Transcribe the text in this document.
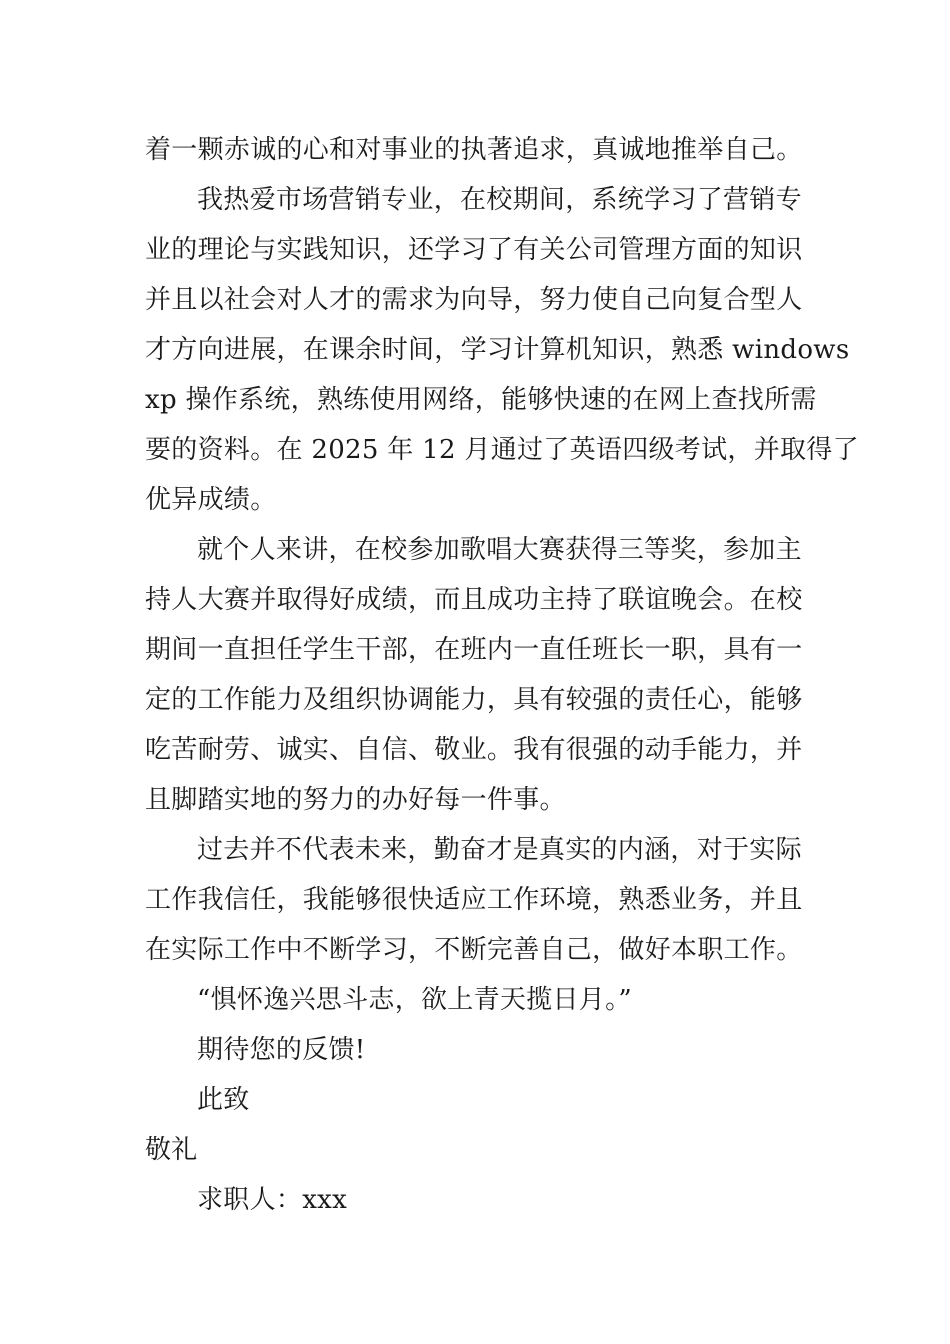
着一颗赤诚的心和对事业的执著追求，真诚地推举自己。
我热爱市场营销专业，在校期间，系统学习了营销专
业的理论与实践知识，还学习了有关公司管理方面的知识
并且以社会对人才的需求为向导，努力使自己向复合型人
才方向进展，在课余时间，学习计算机知识，熟悉 windows
xp 操作系统，熟练使用网络，能够快速的在网上查找所需
要的资料。在 2025 年 12 月通过了英语四级考试，并取得了
优异成绩。
就个人来讲，在校参加歌唱大赛获得三等奖，参加主
持人大赛并取得好成绩，而且成功主持了联谊晚会。在校
期间一直担任学生干部，在班内一直任班长一职，具有一
定的工作能力及组织协调能力，具有较强的责任心，能够
吃苦耐劳、诚实、自信、敬业。我有很强的动手能力，并
且脚踏实地的努力的办好每一件事。
过去并不代表未来，勤奋才是真实的内涵，对于实际
工作我信任，我能够很快适应工作环境，熟悉业务，并且
在实际工作中不断学习，不断完善自己，做好本职工作。
“惧怀逸兴思斗志，欲上青天揽日月。”
期待您的反馈!
此致
敬礼
求职人：xxx
